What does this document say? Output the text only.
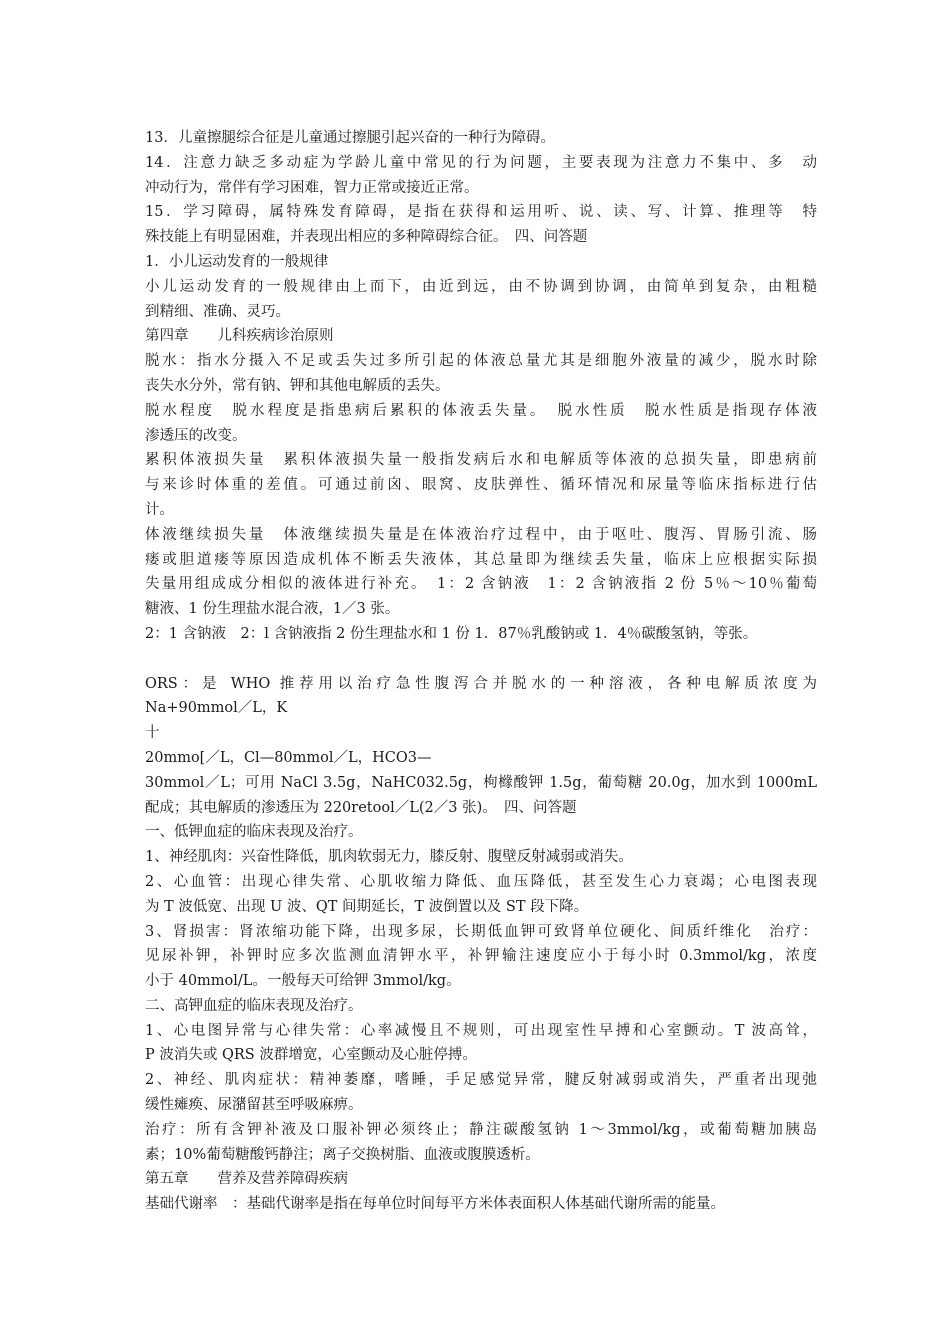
13．儿童擦腿综合征是儿童通过擦腿引起兴奋的一种行为障碍。

14．注意力缺乏多动症为学龄儿童中常见的行为问题，主要表现为注意力不集中、多　动

冲动行为，常伴有学习困难，智力正常或接近正常。

15．学习障碍，属特殊发育障碍，是指在获得和运用听、说、读、写、计算、推理等　特

殊技能上有明显困难，并表现出相应的多种障碍综合征。　四、问答题

1．小儿运动发育的一般规律

小儿运动发育的一般规律由上而下，由近到远，由不协调到协调，由简单到复杂，由粗糙

到精细、准确、灵巧。

第四章　　儿科疾病诊治原则

脱水：指水分摄入不足或丢失过多所引起的体液总量尤其是细胞外液量的减少，脱水时除

丧失水分外，常有钠、钾和其他电解质的丢失。

脱水程度　脱水程度是指患病后累积的体液丢失量。　脱水性质　脱水性质是指现存体液

渗透压的改变。

累积体液损失量　累积体液损失量一般指发病后水和电解质等体液的总损失量，即患病前

与来诊时体重的差值。可通过前囟、眼窝、皮肤弹性、循环情况和尿量等临床指标进行估

计。

体液继续损失量　体液继续损失量是在体液治疗过程中，由于呕吐、腹泻、胃肠引流、肠

瘘或胆道瘘等原因造成机体不断丢失液体，其总量即为继续丢失量，临床上应根据实际损

失量用组成成分相似的液体进行补充。　1：2 含钠液　1：2 含钠液指 2 份 5％～10％葡萄

糖液、1 份生理盐水混合液，1／3 张。

2：1 含钠液　2：l 含钠液指 2 份生理盐水和 1 份 1．87％乳酸钠或 1．4％碳酸氢钠，等张。

ORS：是 WHO 推荐用以治疗急性腹泻合并脱水的一种溶液，各种电解质浓度为

Na+90mmol／L，K

十

20mmo[／L，Cl—80mmol／L，HCO3—

30mmol／L；可用 NaCl 3.5g，NaHC032.5g，枸橼酸钾 1.5g，葡萄糖 20.0g，加水到 1000mL

配成；其电解质的渗透压为 220retool／L(2／3 张)。　四、问答题

一、低钾血症的临床表现及治疗。

1、神经肌肉：兴奋性降低，肌肉软弱无力，膝反射、腹壁反射减弱或消失。

2、心血管：出现心律失常、心肌收缩力降低、血压降低，甚至发生心力衰竭；心电图表现

为 T 波低宽、出现 U 波、QT 间期延长，T 波倒置以及 ST 段下降。

3、肾损害：肾浓缩功能下降，出现多尿，长期低血钾可致肾单位硬化、间质纤维化　治疗：

见尿补钾，补钾时应多次监测血清钾水平，补钾输注速度应小于每小时 0.3mmol/kg，浓度

小于 40mmol/L。一般每天可给钾 3mmol/kg。

二、高钾血症的临床表现及治疗。

1、心电图异常与心律失常：心率减慢且不规则，可出现室性早搏和心室颤动。T 波高耸，

P 波消失或 QRS 波群增宽，心室颤动及心脏停搏。

2、神经、肌肉症状：精神萎靡，嗜睡，手足感觉异常，腱反射减弱或消失，严重者出现弛

缓性瘫痪、尿潴留甚至呼吸麻痹。

治疗：所有含钾补液及口服补钾必须终止；静注碳酸氢钠 1～3mmol/kg，或葡萄糖加胰岛

素；10%葡萄糖酸钙静注；离子交换树脂、血液或腹膜透析。

第五章　　营养及营养障碍疾病

基础代谢率　：基础代谢率是指在每单位时间每平方米体表面积人体基础代谢所需的能量。
